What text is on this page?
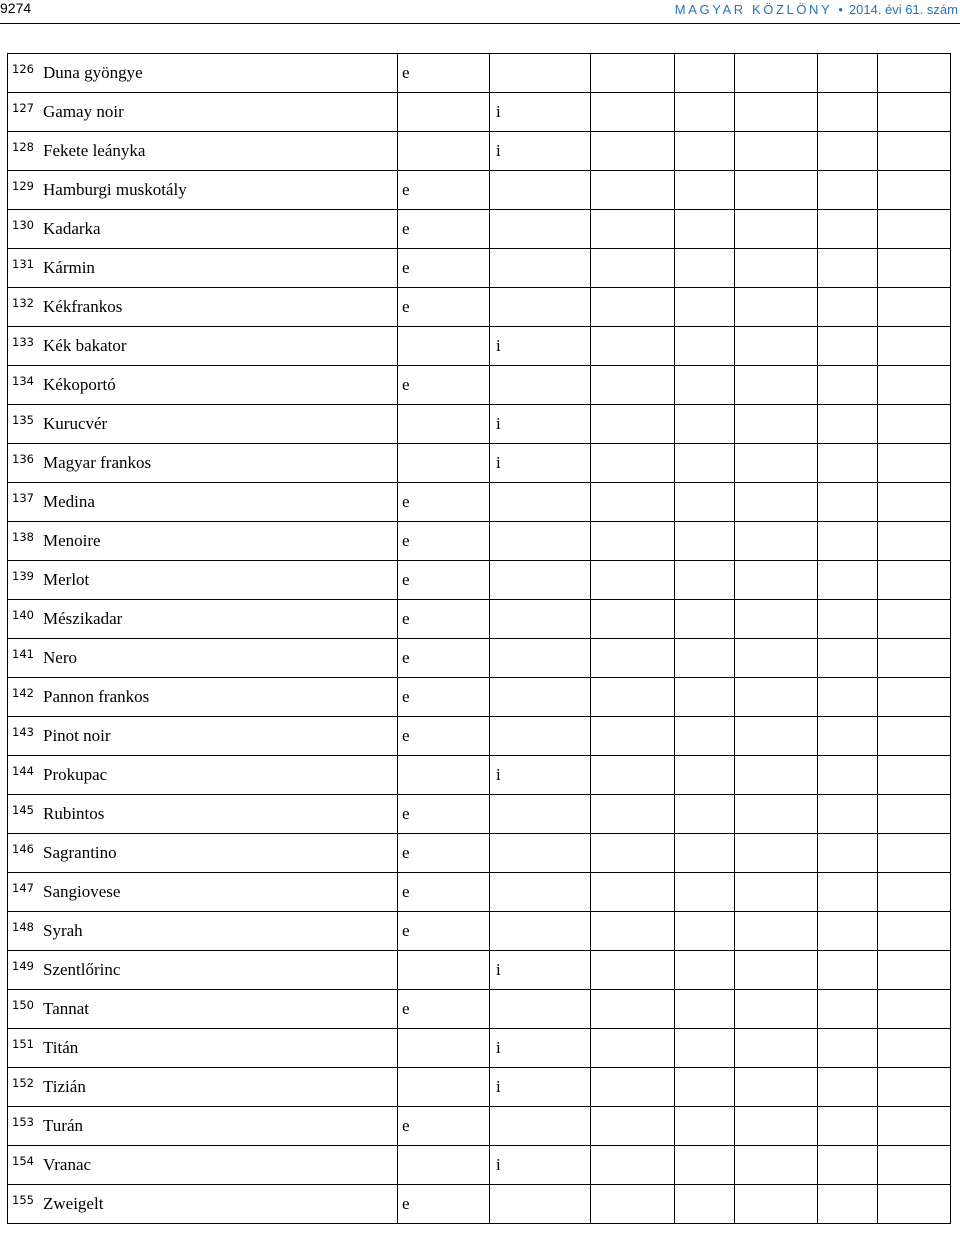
9274	MAGYAR KÖZLÖNY • 2014. évi 61. szám
126 Duna gyöngye	e						

127 Gamay noir		i					

128 Fekete leányka		i					

129 Hamburgi muskotály	e						

130 Kadarka	e						

131 Kármin	e						

132 Kékfrankos	e						

133 Kék bakator		i					

134 Kékoportó	e						

135 Kurucvér		i					

136 Magyar frankos		i					

137 Medina	e						

138 Menoire	e						

139 Merlot	e						

140 Mészikadar	e						

141 Nero	e						

142 Pannon frankos	e						

143 Pinot noir	e						

144 Prokupac		i					

145 Rubintos	e						

146 Sagrantino	e						

147 Sangiovese	e						

148 Syrah	e						

149 Szentlőrinc		i					

150 Tannat	e						

151 Titán		i					

152 Tizián		i					

153 Turán	e						

154 Vranac		i					

155 Zweigelt	e						
